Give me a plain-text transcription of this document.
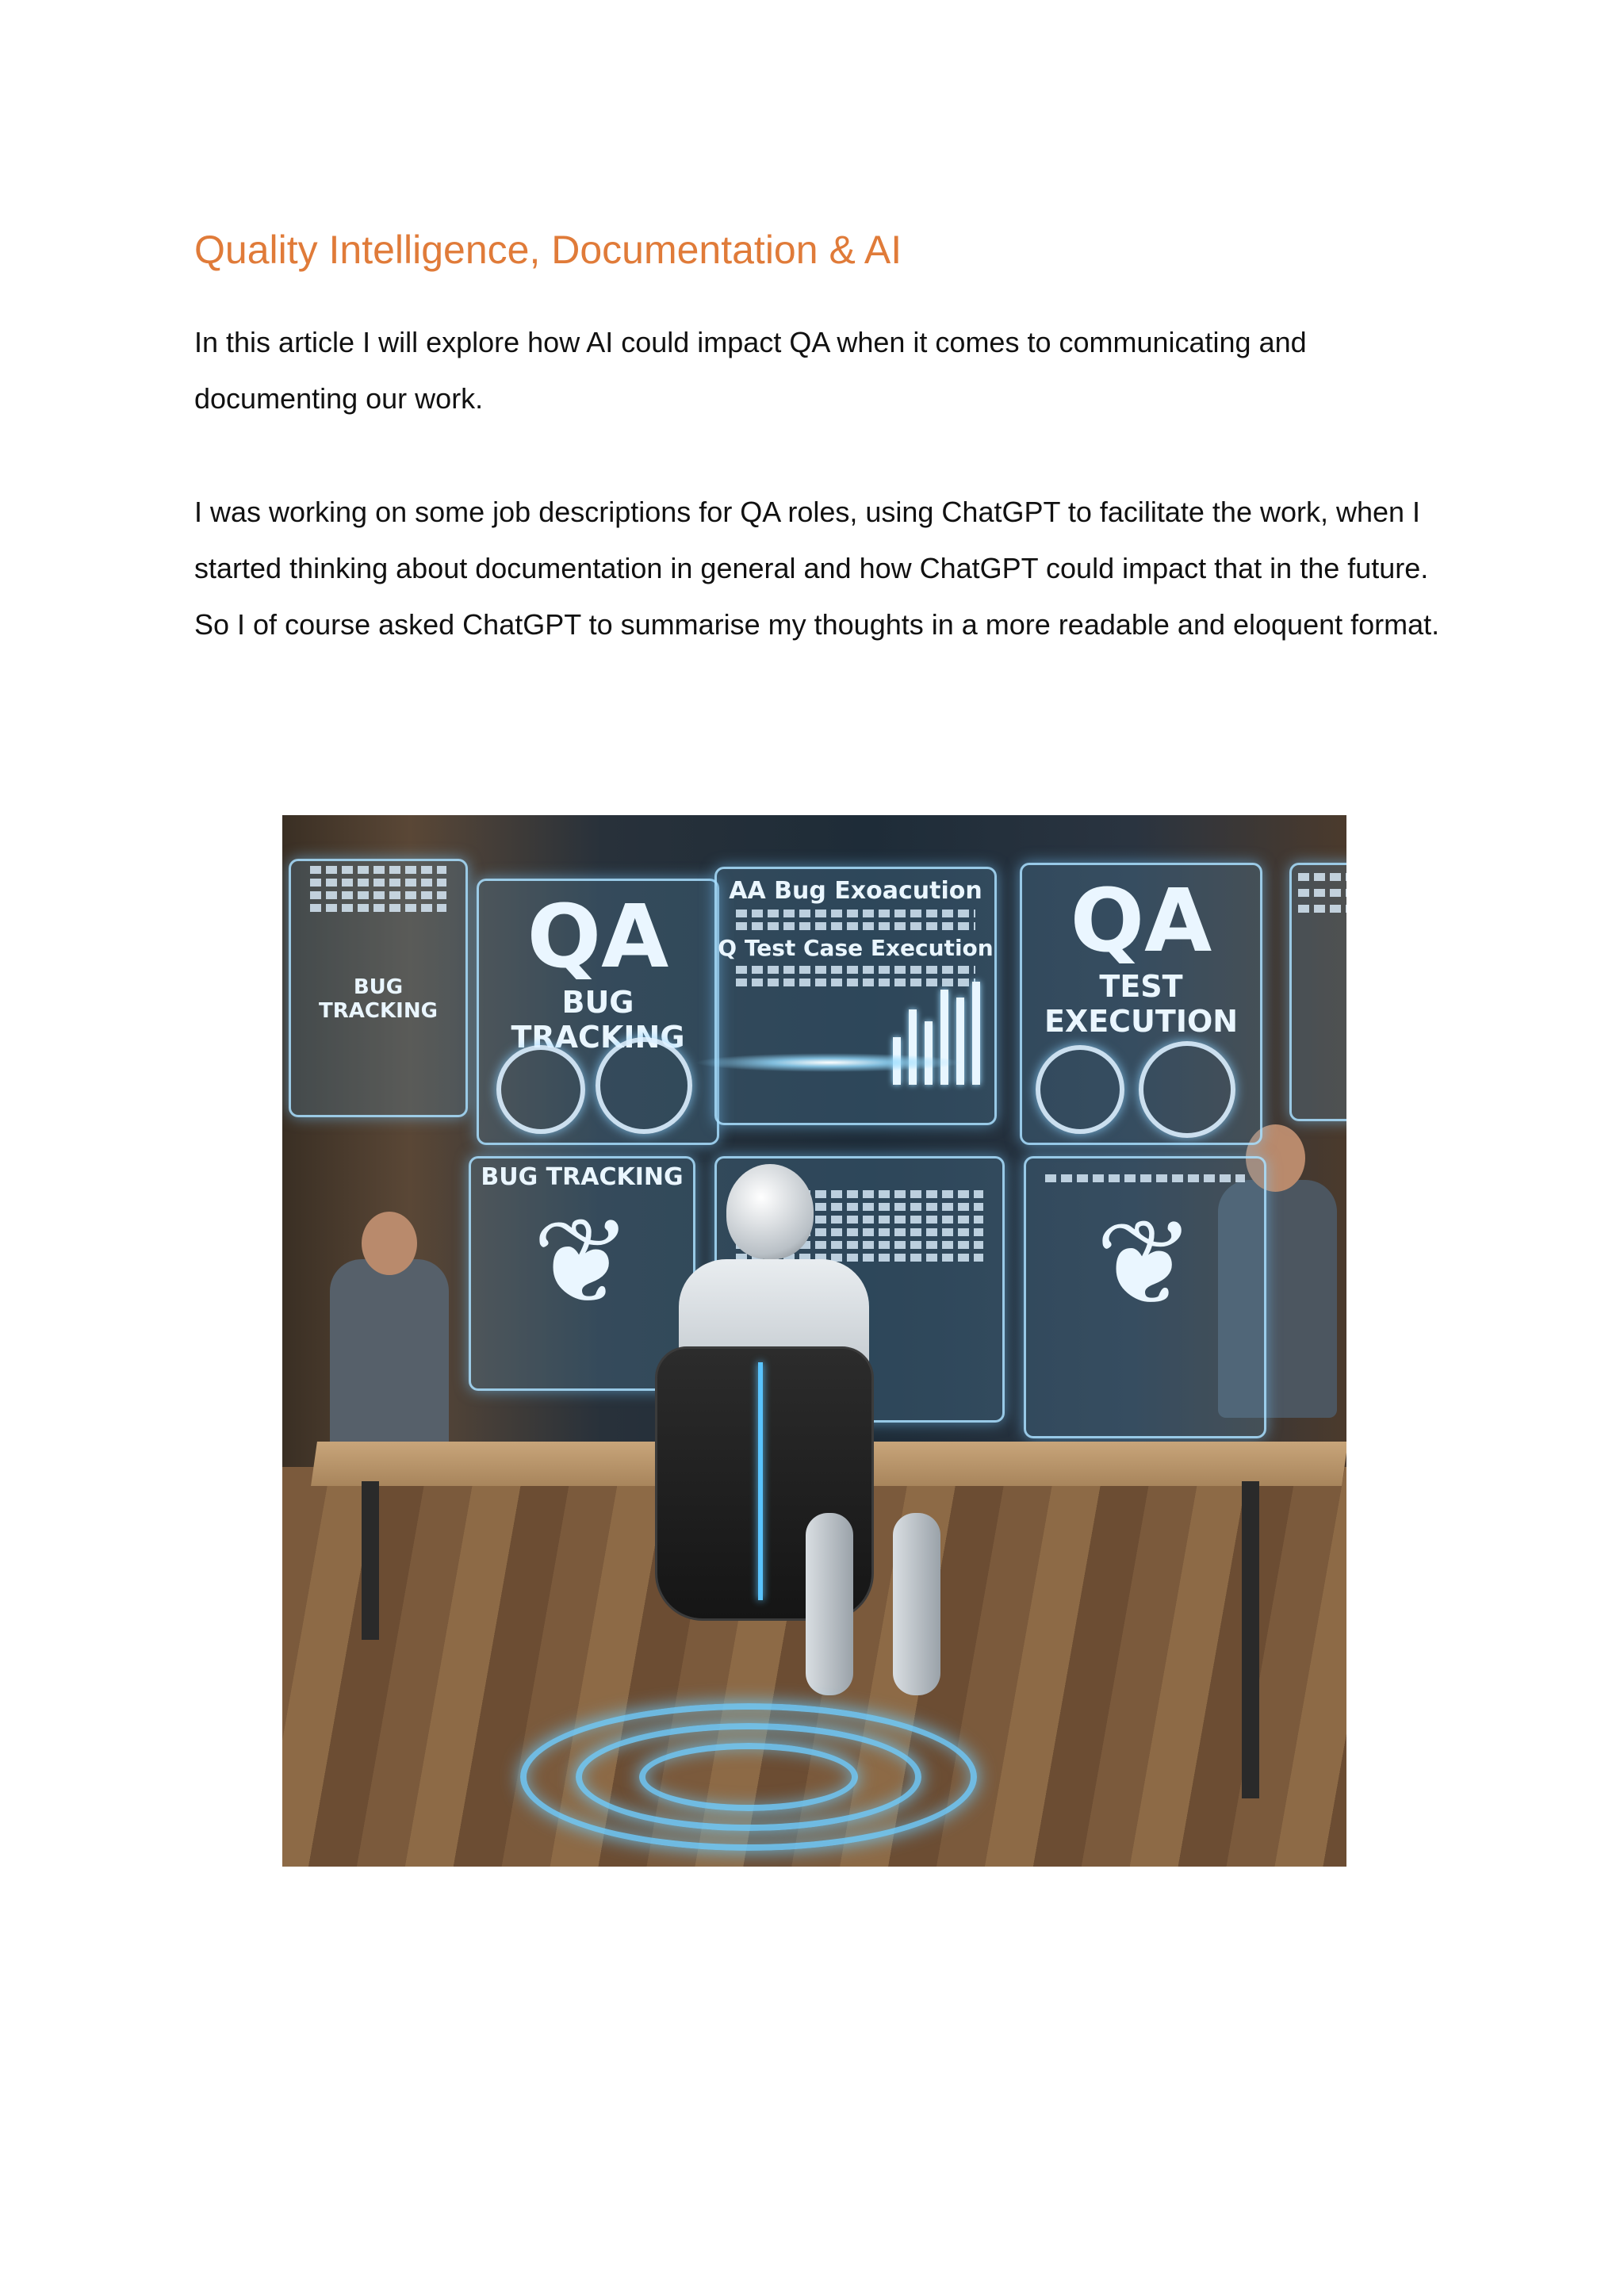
Quality Intelligence, Documentation & AI

In this article I will explore how AI could impact QA when it comes to communicating and documenting our work.

I was working on some job descriptions for QA roles, using ChatGPT to facilitate the work, when I started thinking about documentation in general and how ChatGPT could impact that in the future. So I of course asked ChatGPT to summarise my thoughts in a more readable and eloquent format.

BUG TRACKING
QA
BUG TRACKING
AA Bug Exoacution
Q Test Case Execution QA
TEST EXECUTION
BUG TRACKING
❦	❦
